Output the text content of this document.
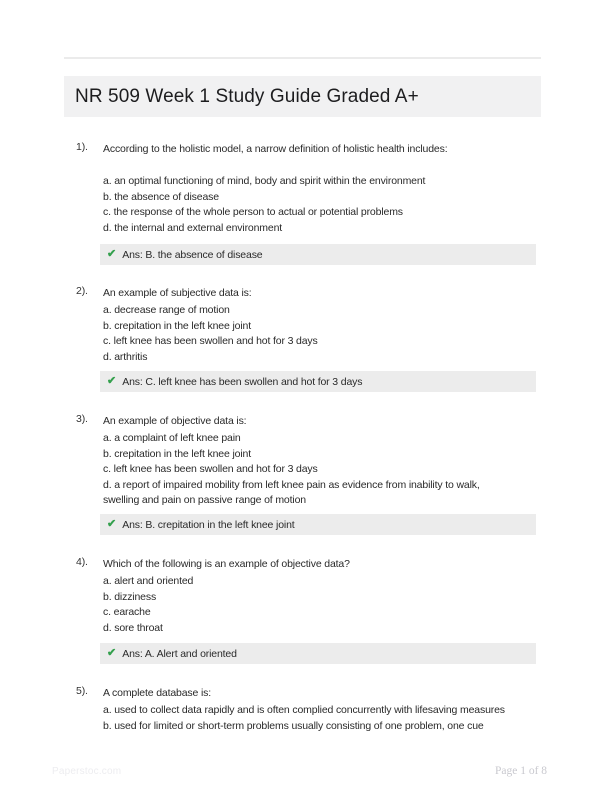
NR 509 Week 1 Study Guide Graded A+
1). According to the holistic model, a narrow definition of holistic health includes:
a. an optimal functioning of mind, body and spirit within the environment
b. the absence of disease
c. the response of the whole person to actual or potential problems
d. the internal and external environment
✔ Ans: B. the absence of disease
2). An example of subjective data is:
a. decrease range of motion
b. crepitation in the left knee joint
c. left knee has been swollen and hot for 3 days
d. arthritis
✔ Ans: C. left knee has been swollen and hot for 3 days
3). An example of objective data is:
a. a complaint of left knee pain
b. crepitation in the left knee joint
c. left knee has been swollen and hot for 3 days
d. a report of impaired mobility from left knee pain as evidence from inability to walk,
swelling and pain on passive range of motion
✔ Ans: B. crepitation in the left knee joint
4). Which of the following is an example of objective data?
a. alert and oriented
b. dizziness
c. earache
d. sore throat
✔ Ans: A. Alert and oriented
5). A complete database is:
a. used to collect data rapidly and is often complied concurrently with lifesaving measures
b. used for limited or short-term problems usually consisting of one problem, one cue
Paperstoc.com	Page 1 of 8
